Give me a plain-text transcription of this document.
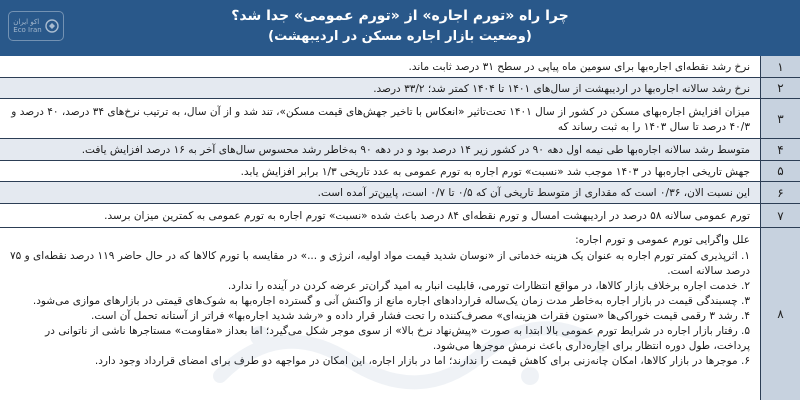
چرا راه «تورم اجاره» از «تورم عمومی» جدا شد؟
(وضعیت بازار اجاره مسکن در اردیبهشت)
اکو ایران
Eco Iran
۱
نرخ رشد نقطه‌ای اجاره‌بها برای سومین ماه پیاپی در سطح ۳۱ درصد ثابت ماند.
۲
نرخ رشد سالانه اجاره‌بها در اردیبهشت از سال‌های ۱۴۰۱ تا ۱۴۰۴ کمتر شد؛ ۳۳/۲ درصد.
۳
میزان افزایش اجاره‌بهای مسکن در کشور از سال ۱۴۰۱ تحت‌تاثیر «انعکاس با تاخیر جهش‌های قیمت مسکن»، تند شد و از آن سال، به ترتیب نرخ‌های ۳۴ درصد، ۴۰ درصد و ۴۰/۳ درصد تا سال ۱۴۰۳ را به ثبت رساند که
۴
متوسط رشد سالانه اجاره‌بها طی نیمه اول دهه ۹۰ در کشور زیر ۱۴ درصد بود و در دهه ۹۰ به‌خاطر رشد محسوس سال‌های آخر به ۱۶ درصد افزایش یافت.
۵
جهش تاریخی اجاره‌بها در ۱۴۰۳ موجب شد «نسبت» تورم اجاره به تورم عمومی به عدد تاریخی ۱/۳ برابر افزایش یابد.
۶
این نسبت الان، ۰/۳۶ است که مقداری از متوسط تاریخی آن که ۰/۵ تا ۰/۷ است، پایین‌تر آمده است.
۷
تورم عمومی سالانه ۵۸ درصد در اردیبهشت امسال و تورم نقطه‌ای ۸۴ درصد باعث شده «نسبت» تورم اجاره به تورم عمومی به کمترین میزان برسد.
۸
علل واگرایی تورم عمومی و تورم اجاره:
۱. اثرپذیری کمتر تورم اجاره به عنوان یک هزینه خدماتی از «نوسان شدید قیمت مواد اولیه، انرژی و ...» در مقایسه با تورم کالاها که در حال حاضر ۱۱۹ درصد نقطه‌ای و ۷۵ درصد سالانه است.
۲. خدمت اجاره برخلاف بازار کالاها، در مواقع انتظارات تورمی، قابلیت انبار به امید گران‌تر عرضه کردن در آینده را ندارد.
۳. چسبندگی قیمت در بازار اجاره به‌خاطر مدت زمان یک‌ساله قراردادهای اجاره مانع از واکنش آنی و گسترده اجاره‌بها به شوک‌های قیمتی در بازارهای موازی می‌شود.
۴. رشد ۳ رقمی قیمت خوراکی‌ها «ستون فقرات هزینه‌ای» مصرف‌کننده را تحت فشار قرار داده و «رشد شدید اجاره‌بها» فراتر از آستانه تحمل آن است.
۵. رفتار بازار اجاره در شرایط تورم عمومی بالا ابتدا به صورت «پیش‌نهاد نرخ بالا» از سوی موجر شکل می‌گیرد؛ اما بعداز «مقاومت» مستاجرها ناشی از ناتوانی در پرداخت، طول دوره انتظار برای اجاره‌داری باعث نرمش موجرها می‌شود.
۶. موجرها در بازار کالاها، امکان چانه‌زنی برای کاهش قیمت را ندارند؛ اما در بازار اجاره، این امکان در مواجهه دو طرف برای امضای قرارداد وجود دارد.
